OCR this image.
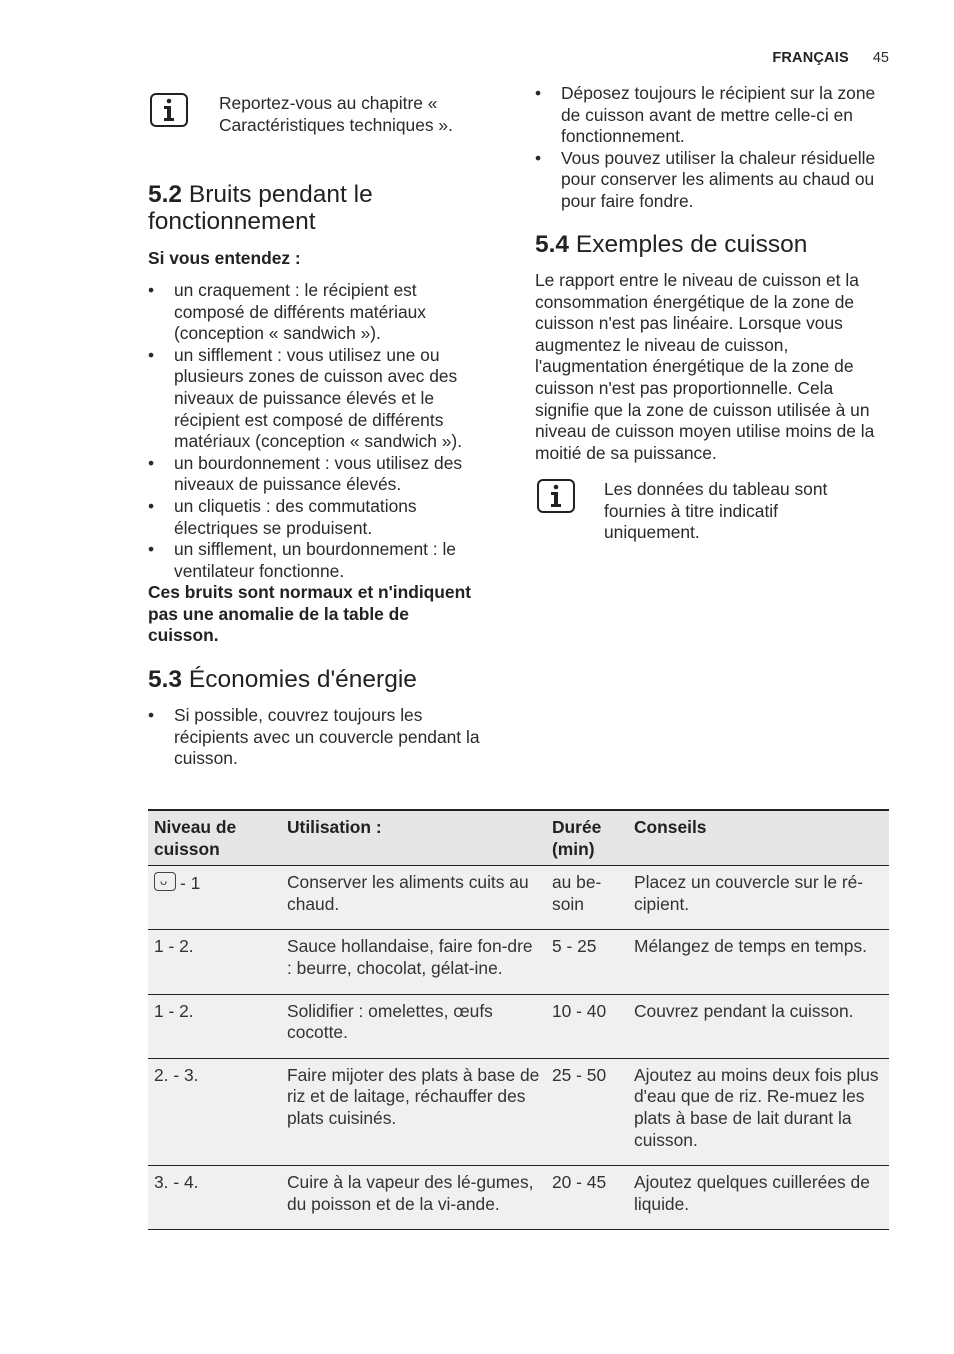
FRANÇAIS 45
Reportez-vous au chapitre « Caractéristiques techniques ».
5.2 Bruits pendant le fonctionnement
Si vous entendez :
• un craquement : le récipient est composé de différents matériaux (conception « sandwich »).
• un sifflement : vous utilisez une ou plusieurs zones de cuisson avec des niveaux de puissance élevés et le récipient est composé de différents matériaux (conception « sandwich »).
• un bourdonnement : vous utilisez des niveaux de puissance élevés.
• un cliquetis : des commutations électriques se produisent.
• un sifflement, un bourdonnement : le ventilateur fonctionne.
Ces bruits sont normaux et n'indiquent pas une anomalie de la table de cuisson.
5.3 Économies d'énergie
• Si possible, couvrez toujours les récipients avec un couvercle pendant la cuisson.
• Déposez toujours le récipient sur la zone de cuisson avant de mettre celle-ci en fonctionnement.
• Vous pouvez utiliser la chaleur résiduelle pour conserver les aliments au chaud ou pour faire fondre.
5.4 Exemples de cuisson

Le rapport entre le niveau de cuisson et la consommation énergétique de la zone de cuisson n'est pas linéaire. Lorsque vous augmentez le niveau de cuisson, l'augmentation énergétique de la zone de cuisson n'est pas proportionnelle. Cela signifie que la zone de cuisson utilisée à un niveau de cuisson moyen utilise moins de la moitié de sa puissance.

Les données du tableau sont fournies à titre indicatif uniquement.
Niveau de cuisson	Utilisation :	Durée (min)	Conseils
ᴗ- 1	Conserver les aliments cuits au chaud.	au be-soin	Placez un couvercle sur le ré-cipient.
1 - 2.	Sauce hollandaise, faire fon-dre : beurre, chocolat, gélat-ine.	5 - 25	Mélangez de temps en temps.
1 - 2.	Solidifier : omelettes, œufs cocotte.	10 - 40	Couvrez pendant la cuisson.
2. - 3.	Faire mijoter des plats à base de riz et de laitage, réchauffer des plats cuisinés.	25 - 50	Ajoutez au moins deux fois plus d'eau que de riz. Re-muez les plats à base de lait durant la cuisson.
3. - 4.	Cuire à la vapeur des lé-gumes, du poisson et de la vi-ande.	20 - 45	Ajoutez quelques cuillerées de liquide.
